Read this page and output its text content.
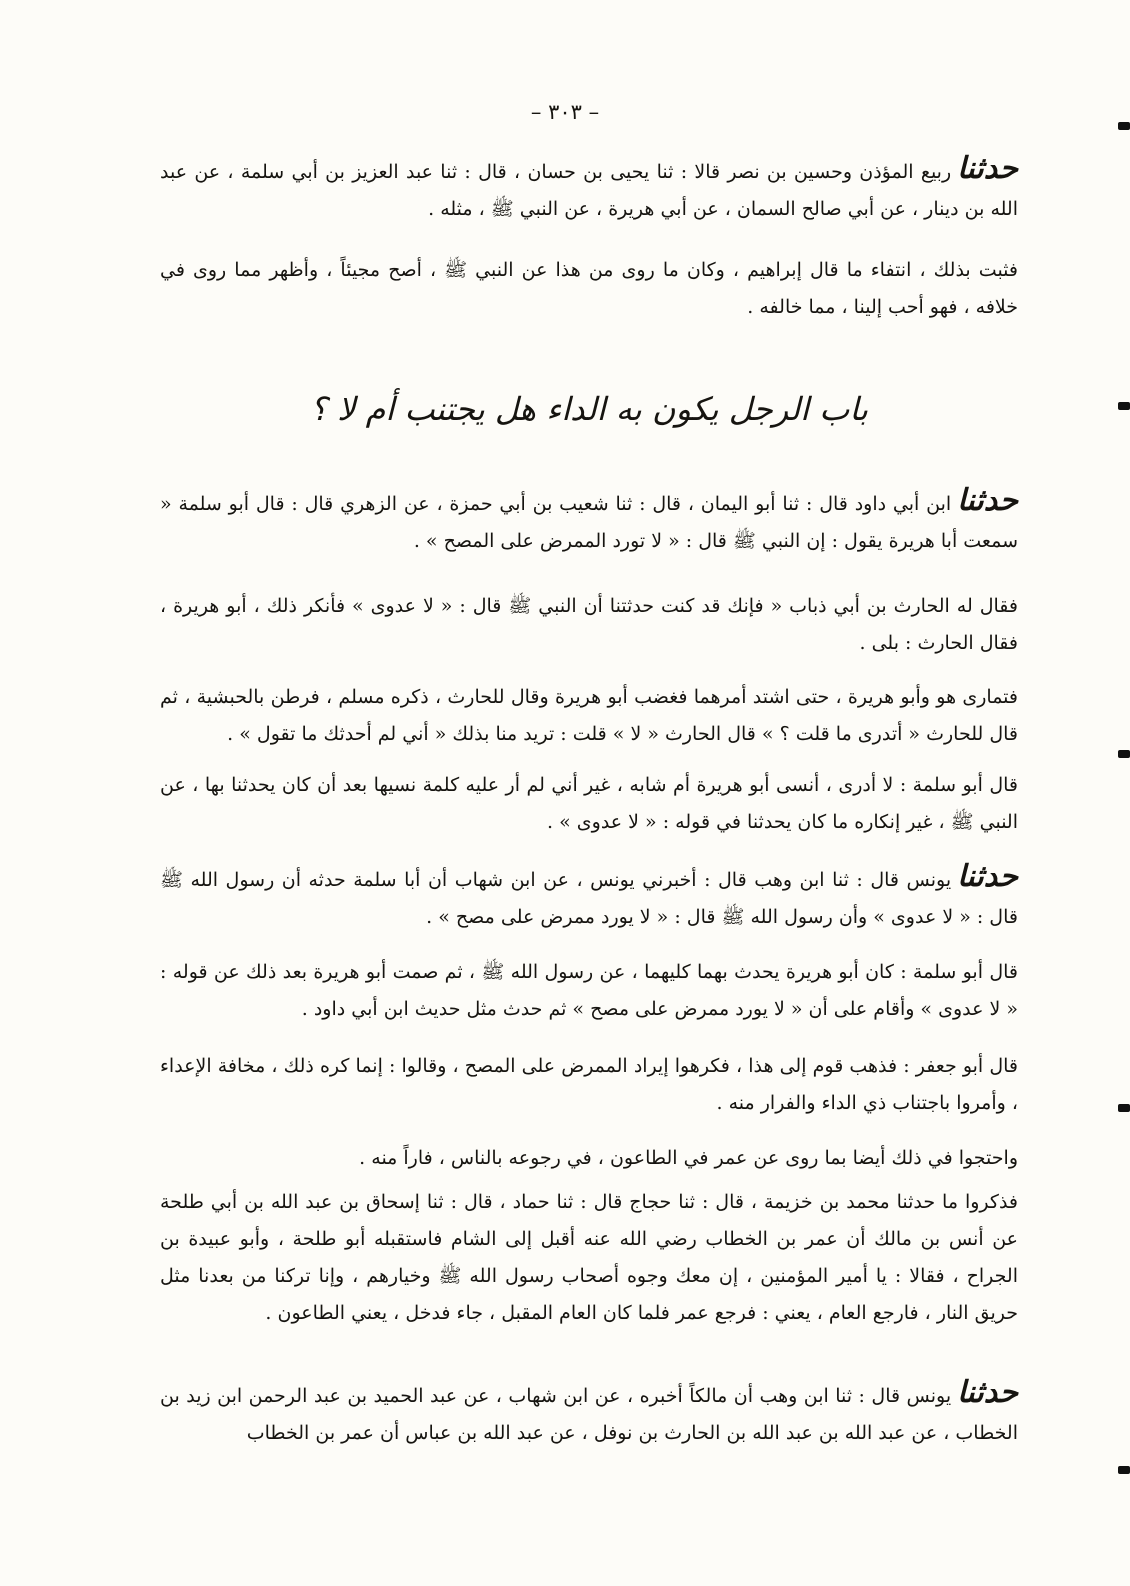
– ٣٠٣ –

حدثناربيع المؤذن وحسين بن نصر قالا : ثنا يحيى بن حسان ، قال : ثنا عبد العزيز بن أبي سلمة ، عن عبد الله بن دينار ، عن أبي صالح السمان ، عن أبي هريرة ، عن النبي ﷺ ، مثله .

فثبت بذلك ، انتفاء ما قال إبراهيم ، وكان ما روى من هذا عن النبي ﷺ ، أصح مجيئاً ، وأظهر مما روى في خلافه ، فهو أحب إلينا ، مما خالفه .

باب الرجل يكون به الداء هل يجتنب أم لا ؟

حدثناابن أبي داود قال : ثنا أبو اليمان ، قال : ثنا شعيب بن أبي حمزة ، عن الزهري قال : قال أبو سلمة « سمعت أبا هريرة يقول : إن النبي ﷺ قال : « لا تورد الممرض على المصح » .

فقال له الحارث بن أبي ذباب « فإنك قد كنت حدثتنا أن النبي ﷺ قال : « لا عدوى » فأنكر ذلك ، أبو هريرة ، فقال الحارث : بلى .

فتمارى هو وأبو هريرة ، حتى اشتد أمرهما فغضب أبو هريرة وقال للحارث ، ذكره مسلم ، فرطن بالحبشية ، ثم قال للحارث « أتدرى ما قلت ؟ » قال الحارث « لا » قلت : تريد منا بذلك « أني لم أحدثك ما تقول » .

قال أبو سلمة : لا أدرى ، أنسى أبو هريرة أم شابه ، غير أني لم أر عليه كلمة نسيها بعد أن كان يحدثنا بها ، عن النبي ﷺ ، غير إنكاره ما كان يحدثنا في قوله : « لا عدوى » .

حدثنايونس قال : ثنا ابن وهب قال : أخبرني يونس ، عن ابن شهاب أن أبا سلمة حدثه أن رسول الله ﷺ قال : « لا عدوى » وأن رسول الله ﷺ قال : « لا يورد ممرض على مصح » .

قال أبو سلمة : كان أبو هريرة يحدث بهما كليهما ، عن رسول الله ﷺ ، ثم صمت أبو هريرة بعد ذلك عن قوله : « لا عدوى » وأقام على أن « لا يورد ممرض على مصح » ثم حدث مثل حديث ابن أبي داود .

قال أبو جعفر : فذهب قوم إلى هذا ، فكرهوا إيراد الممرض على المصح ، وقالوا : إنما كره ذلك ، مخافة الإعداء ، وأمروا باجتناب ذي الداء والفرار منه .

واحتجوا في ذلك أيضا بما روى عن عمر في الطاعون ، في رجوعه بالناس ، فاراً منه .

فذكروا ما حدثنا محمد بن خزيمة ، قال : ثنا حجاج قال : ثنا حماد ، قال : ثنا إسحاق بن عبد الله بن أبي طلحة عن أنس بن مالك أن عمر بن الخطاب رضي الله عنه أقبل إلى الشام فاستقبله أبو طلحة ، وأبو عبيدة بن الجراح ، فقالا : يا أمير المؤمنين ، إن معك وجوه أصحاب رسول الله ﷺ وخيارهم ، وإنا تركنا من بعدنا مثل حريق النار ، فارجع العام ، يعني : فرجع عمر فلما كان العام المقبل ، جاء فدخل ، يعني الطاعون .

حدثنايونس قال : ثنا ابن وهب أن مالكاً أخبره ، عن ابن شهاب ، عن عبد الحميد بن عبد الرحمن ابن زيد بن الخطاب ، عن عبد الله بن عبد الله بن الحارث بن نوفل ، عن عبد الله بن عباس أن عمر بن الخطاب
